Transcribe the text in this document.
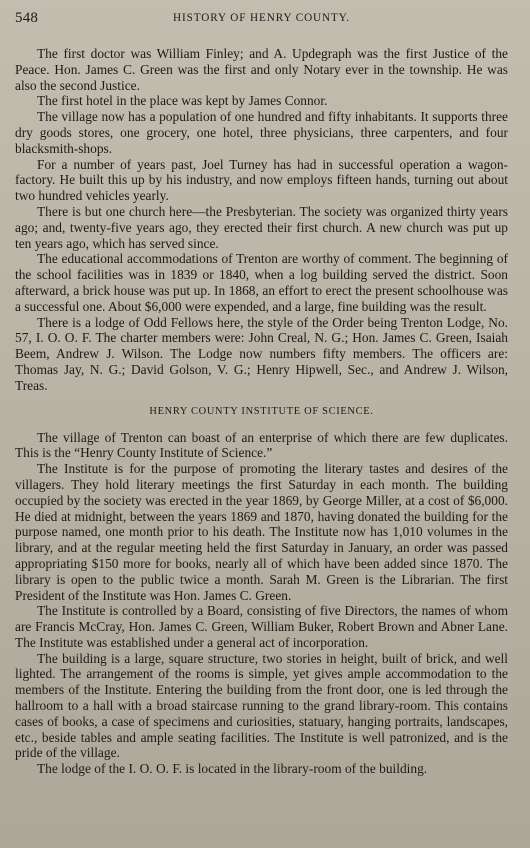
548	HISTORY OF HENRY COUNTY.

The first doctor was William Finley; and A. Updegraph was the first Justice of the Peace. Hon. James C. Green was the first and only Notary ever in the township. He was also the second Justice.

The first hotel in the place was kept by James Connor.

The village now has a population of one hundred and fifty inhabitants. It supports three dry goods stores, one grocery, one hotel, three physicians, three carpenters, and four blacksmith-shops.

For a number of years past, Joel Turney has had in successful operation a wagon-factory. He built this up by his industry, and now employs fifteen hands, turning out about two hundred vehicles yearly.

There is but one church here—the Presbyterian. The society was organized thirty years ago; and, twenty-five years ago, they erected their first church. A new church was put up ten years ago, which has served since.

The educational accommodations of Trenton are worthy of comment. The beginning of the school facilities was in 1839 or 1840, when a log building served the district. Soon afterward, a brick house was put up. In 1868, an effort to erect the present schoolhouse was a successful one. About $6,000 were expended, and a large, fine building was the result.

There is a lodge of Odd Fellows here, the style of the Order being Trenton Lodge, No. 57, I. O. O. F. The charter members were: John Creal, N. G.; Hon. James C. Green, Isaiah Beem, Andrew J. Wilson. The Lodge now numbers fifty members. The officers are: Thomas Jay, N. G.; David Golson, V. G.; Henry Hipwell, Sec., and Andrew J. Wilson, Treas.

HENRY COUNTY INSTITUTE OF SCIENCE.

The village of Trenton can boast of an enterprise of which there are few duplicates. This is the “Henry County Institute of Science.”

The Institute is for the purpose of promoting the literary tastes and desires of the villagers. They hold literary meetings the first Saturday in each month. The building occupied by the society was erected in the year 1869, by George Miller, at a cost of $6,000. He died at midnight, between the years 1869 and 1870, having donated the building for the purpose named, one month prior to his death. The Institute now has 1,010 volumes in the library, and at the regular meeting held the first Saturday in January, an order was passed appropriating $150 more for books, nearly all of which have been added since 1870. The library is open to the public twice a month. Sarah M. Green is the Librarian. The first President of the Institute was Hon. James C. Green.

The Institute is controlled by a Board, consisting of five Directors, the names of whom are Francis McCray, Hon. James C. Green, William Buker, Robert Brown and Abner Lane. The Institute was established under a general act of incorporation.

The building is a large, square structure, two stories in height, built of brick, and well lighted. The arrangement of the rooms is simple, yet gives ample accommodation to the members of the Institute. Entering the building from the front door, one is led through the hallroom to a hall with a broad staircase running to the grand library-room. This contains cases of books, a case of specimens and curiosities, statuary, hanging portraits, landscapes, etc., beside tables and ample seating facilities. The Institute is well patronized, and is the pride of the village.

The lodge of the I. O. O. F. is located in the library-room of the building.
